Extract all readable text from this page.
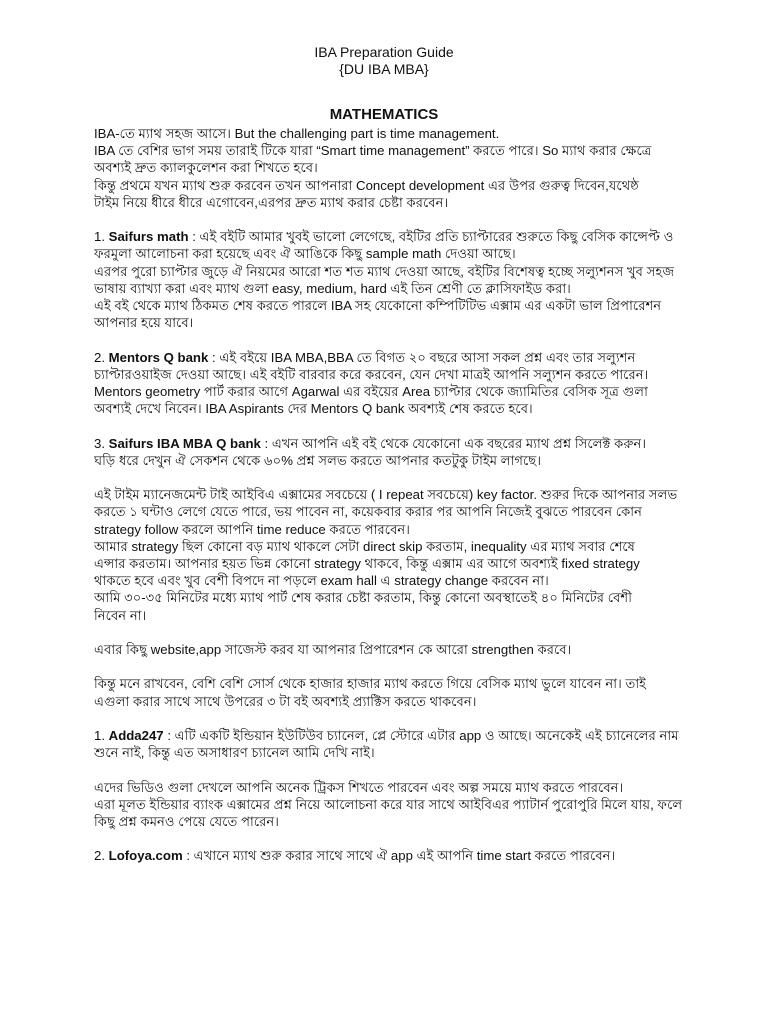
IBA Preparation Guide
{DU IBA MBA}
MATHEMATICS
IBA-তে ম্যাথ সহজ আসে। But the challenging part is time management.
IBA তে বেশির ভাগ সময় তারাই টিকে যারা “Smart time management” করতে পারে। So ম্যাথ করার ক্ষেত্রে
অবশ্যই দ্রুত ক্যালকুলেশন করা শিখতে হবে।
কিন্তু প্রথমে যখন ম্যাথ শুরু করবেন তখন আপনারা Concept development এর উপর গুরুত্ব দিবেন,যথেষ্ঠ
টাইম নিয়ে ধীরে ধীরে এগোবেন,এরপর দ্রুত ম্যাথ করার চেষ্টা করবেন।
1. Saifurs math : এই বইটি আমার খুবই ভালো লেগেছে, বইটির প্রতি চ্যাপ্টারের শুরুতে কিছু বেসিক কান্সেপ্ট ও
ফরমুলা আলোচনা করা হয়েছে এবং ঐ আঙিকে কিছু sample math দেওয়া আছে।
এরপর পুরো চ্যাপ্টার জুড়ে ঐ নিয়মের আরো শত শত ম্যাথ দেওয়া আছে, বইটির বিশেষত্ব হচ্ছে সল্যুশনস খুব সহজ
ভাষায় ব্যাখ্যা করা এবং ম্যাথ গুলা easy, medium, hard এই তিন শ্রেণী তে ক্লাসিফাইড করা।
এই বই থেকে ম্যাথ ঠিকমত শেষ করতে পারলে IBA সহ যেকোনো কম্পিটিটিভ এক্সাম এর একটা ভাল প্রিপারেশন
আপনার হয়ে যাবে।
2. Mentors Q bank : এই বইয়ে IBA MBA,BBA তে বিগত ২০ বছরে আসা সকল প্রশ্ন এবং তার সল্যুশন
চ্যাপ্টারওয়াইজ দেওয়া আছে। এই বইটি বারবার করে করবেন, যেন দেখা মাত্রই আপনি সল্যুশন করতে পারেন।
Mentors geometry পার্ট করার আগে Agarwal এর বইয়ের Area চ্যাপ্টার থেকে জ্যামিতির বেসিক সূত্র গুলা
অবশ্যই দেখে নিবেন। IBA Aspirants দের Mentors Q bank অবশ্যই শেষ করতে হবে।
3. Saifurs IBA MBA Q bank : এখন আপনি এই বই থেকে যেকোনো এক বছরের ম্যাথ প্রশ্ন সিলেক্ট করুন।
ঘড়ি ধরে দেখুন ঐ সেকশন থেকে ৬০% প্রশ্ন সলভ করতে আপনার কতটুকু টাইম লাগছে।
এই টাইম ম্যানেজমেন্ট টাই আইবিএ এক্সামের সবচেয়ে ( I repeat সবচেয়ে) key factor. শুরুর দিকে আপনার সলভ
করতে ১ ঘন্টাও লেগে যেতে পারে, ভয় পাবেন না, কয়েকবার করার পর আপনি নিজেই বুঝতে পারবেন কোন
strategy follow করলে আপনি time reduce করতে পারবেন।
আমার strategy ছিল কোনো বড় ম্যাথ থাকলে সেটা direct skip করতাম, inequality এর ম্যাথ সবার শেষে
এন্সার করতাম। আপনার হয়ত ভিন্ন কোনো strategy থাকবে, কিন্তু এক্সাম এর আগে অবশ্যই fixed strategy
থাকতে হবে এবং খুব বেশী বিপদে না পড়লে exam hall এ strategy change করবেন না।
আমি ৩০-৩৫ মিনিটের মধ্যে ম্যাথ পার্ট শেষ করার চেষ্টা করতাম, কিন্তু কোনো অবস্থাতেই ৪০ মিনিটের বেশী
নিবেন না।
এবার কিছু website,app সাজেস্ট করব যা আপনার প্রিপারেশন কে আরো strengthen করবে।
কিন্তু মনে রাখবেন, বেশি বেশি সোর্স থেকে হাজার হাজার ম্যাথ করতে গিয়ে বেসিক ম্যাথ ভুলে যাবেন না। তাই
এগুলা করার সাথে সাথে উপরের ৩ টা বই অবশ্যই প্র্যাক্টিস করতে থাকবেন।
1. Adda247 : এটি একটি ইন্ডিয়ান ইউটিউব চ্যানেল, প্লে স্টোরে এটার app ও আছে। অনেকেই এই চ্যানেলের নাম
শুনে নাই, কিন্তু এত অসাধারণ চ্যানেল আমি দেখি নাই।
এদের ভিডিও গুলা দেখলে আপনি অনেক ট্রিকস শিখতে পারবেন এবং অল্প সময়ে ম্যাথ করতে পারবেন।
এরা মূলত ইন্ডিয়ার ব্যাংক এক্সামের প্রশ্ন নিয়ে আলোচনা করে যার সাথে আইবিএর প্যাটার্ন পুরোপুরি মিলে যায়, ফলে
কিছু প্রশ্ন কমনও পেয়ে যেতে পারেন।
2. Lofoya.com : এখানে ম্যাথ শুরু করার সাথে সাথে ঐ app এই আপনি time start করতে পারবেন।
